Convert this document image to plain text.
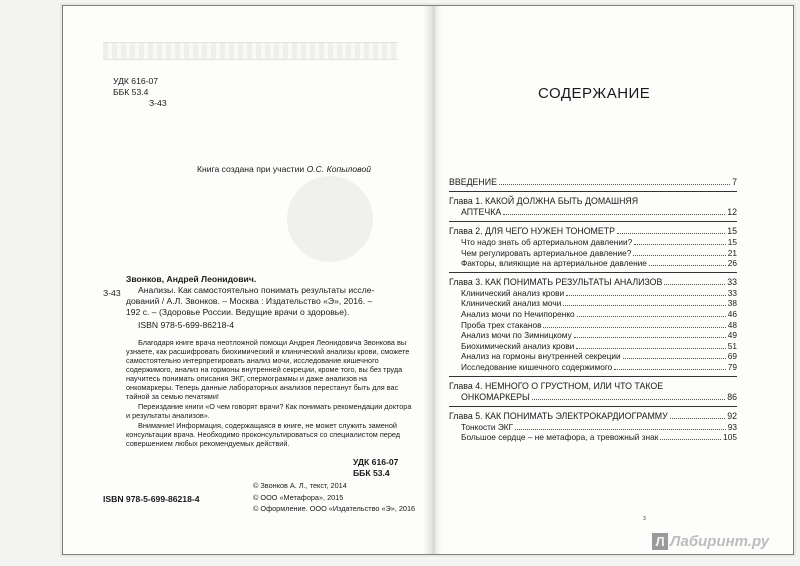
УДК 616-07
ББК 53.4
З-43
Книга создана при участии О.С. Копыловой
З-43
Звонков, Андрей Леонидович.
Анализы. Как самостоятельно понимать результаты иссле-
дований / А.Л. Звонков. – Москва : Издательство «Э», 2016. –
192 с. – (Здоровье России. Ведущие врачи о здоровье).
ISBN 978-5-699-86218-4

Благодаря книге врача неотложной помощи Андрея Леонидовича Звонкова вы узнаете, как расшифровать биохимический и клинический анализы крови, сможете самостоятельно интерпретировать анализ мочи, исследование кишечного содержимого, анализ на гормоны внутренней секреции, кроме того, вы без труда научитесь понимать описания ЭКГ, спермограммы и даже анализов на онкомаркеры. Теперь данные лабораторных анализов перестанут быть для вас тайной за семью печатями!

Переиздание книги «О чем говорят врачи? Как понимать рекомендации доктора и результаты анализов».

Внимание! Информация, содержащаяся в книге, не может служить заменой консультации врача. Необходимо проконсультироваться со специалистом перед совершением любых рекомендуемых действий.

УДК 616-07
ББК 53.4
ISBN 978-5-699-86218-4
© Звонков А. Л., текст, 2014
© ООО «Метафора», 2015
© Оформление. ООО «Издательство «Э», 2016
СОДЕРЖАНИЕ
ВВЕДЕНИЕ	7
Глава 1. КАКОЙ ДОЛЖНА БЫТЬ ДОМАШНЯЯ
АПТЕЧКА	12
Глава 2. ДЛЯ ЧЕГО НУЖЕН ТОНОМЕТР	15
Что надо знать об артериальном давлении?	15
Чем регулировать артериальное давление?	21
Факторы, влияющие на артериальное давление	26
Глава 3. КАК ПОНИМАТЬ РЕЗУЛЬТАТЫ АНАЛИЗОВ	33
Клинический анализ крови	33
Клинический анализ мочи	38
Анализ мочи по Нечипоренко	46
Проба трех стаканов	48
Анализ мочи по Зимницкому	49
Биохимический анализ крови	51
Анализ на гормоны внутренней секреции	69
Исследование кишечного содержимого	79
Глава 4. НЕМНОГО О ГРУСТНОМ, ИЛИ ЧТО ТАКОЕ
ОНКОМАРКЕРЫ	86
Глава 5. КАК ПОНИМАТЬ ЭЛЕКТРОКАРДИОГРАММУ	92
Тонкости ЭКГ	93
Большое сердце – не метафора, а тревожный знак	105
3
Л Лабиринт.ру
